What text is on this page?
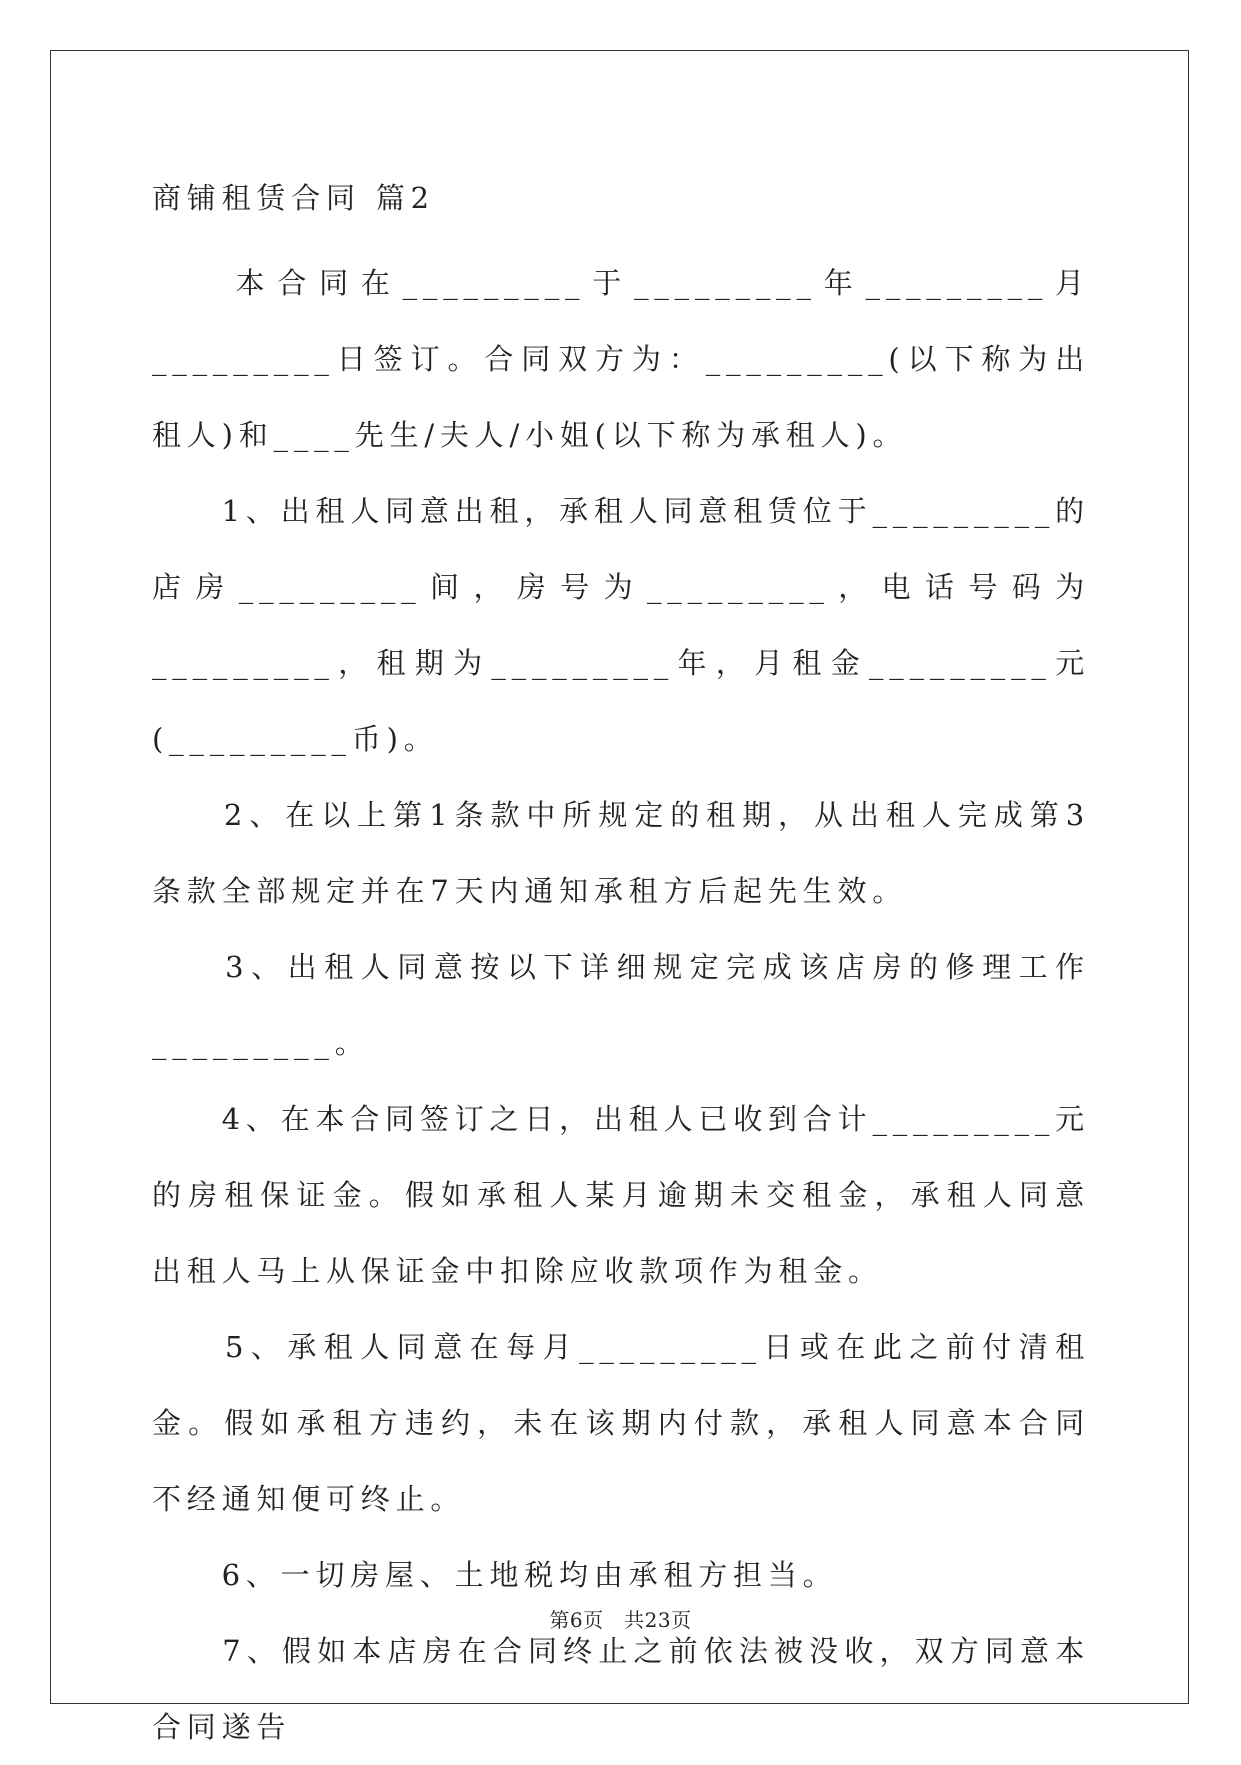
商铺租赁合同 篇2

　　本合同在_________于_________年_________月_________日签订。合同双方为：_________(以下称为出租人)和____先生/夫人/小姐(以下称为承租人)。

　　1、出租人同意出租，承租人同意租赁位于_________的店房_________间，房号为_________，电话号码为_________，租期为_________年，月租金_________元(_________币)。

　　2、在以上第1条款中所规定的租期，从出租人完成第3条款全部规定并在7天内通知承租方后起先生效。

　　3、出租人同意按以下详细规定完成该店房的修理工作_________。

　　4、在本合同签订之日，出租人已收到合计_________元的房租保证金。假如承租人某月逾期未交租金，承租人同意出租人马上从保证金中扣除应收款项作为租金。

　　5、承租人同意在每月_________日或在此之前付清租金。假如承租方违约，未在该期内付款，承租人同意本合同不经通知便可终止。

　　6、一切房屋、土地税均由承租方担当。

　　7、假如本店房在合同终止之前依法被没收，双方同意本合同遂告

第6页　共23页
